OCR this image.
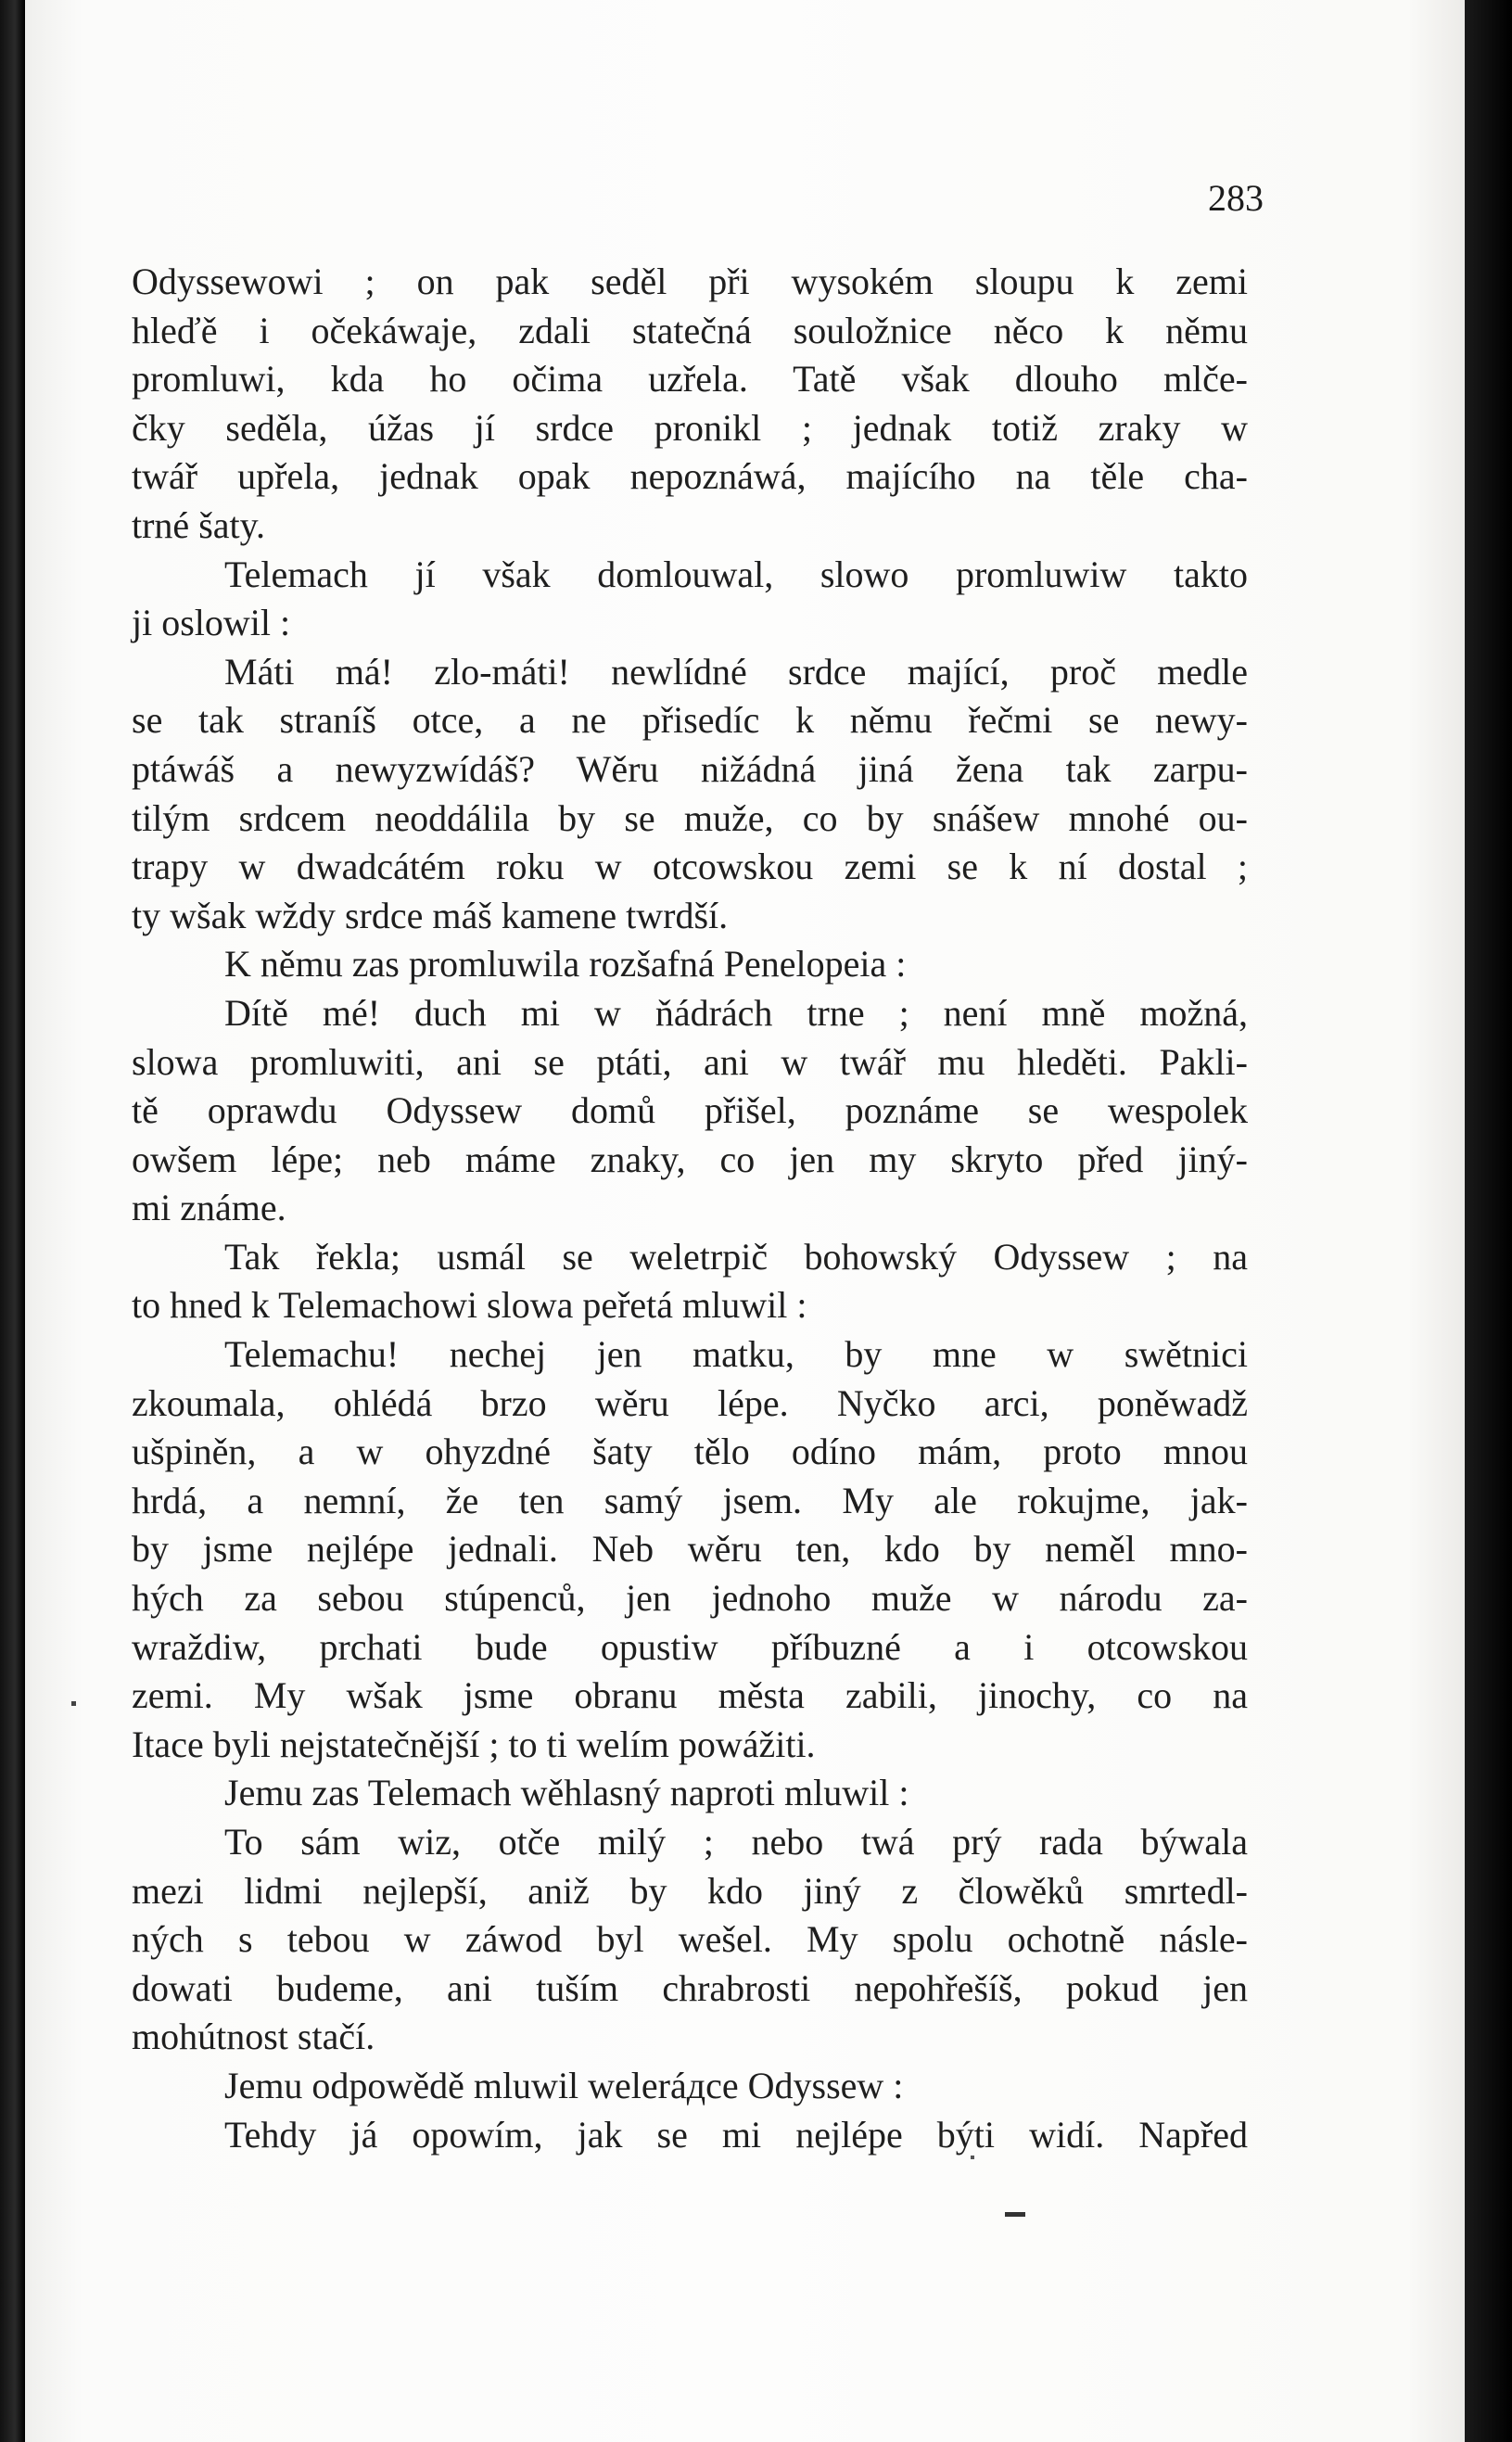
283
Odyssewowi ; on pak seděl při wysokém sloupu k zemi
hleďě i očekáwaje, zdali statečná souložnice něco k němu
promluwi, kda ho očima uzřela. Tatě však dlouho mlče-
čky seděla, úžas jí srdce pronikl ; jednak totiž zraky w
twář upřela, jednak opak nepoznáwá, majícího na těle cha-
trné šaty.
Telemach jí však domlouwal, slowo promluwiw takto
ji oslowil :
Máti má! zlo-máti! newlídné srdce mající, proč medle
se tak straníš otce, a ne přisedíc k němu řečmi se newy-
ptáwáš a newyzwídáš? Wěru nižádná jiná žena tak zarpu-
tilým srdcem neoddálila by se muže, co by snášew mnohé ou-
trapy w dwadcátém roku w otcowskou zemi se k ní dostal ;
ty wšak wždy srdce máš kamene twrdší.
K němu zas promluwila rozšafná Penelopeia :
Dítě mé! duch mi w ňádrách trne ; není mně možná,
slowa promluwiti, ani se ptáti, ani w twář mu hleděti. Pakli-
tě oprawdu Odyssew domů přišel, poznáme se wespolek
owšem lépe; neb máme znaky, co jen my skryto před jiný-
mi známe.
Tak řekla; usmál se weletrpič bohowský Odyssew ; na
to hned k Telemachowi slowa peřetá mluwil :
Telemachu! nechej jen matku, by mne w swětnici
zkoumala, ohlédá brzo wěru lépe. Nyčko arci, poněwadž
ušpiněn, a w ohyzdné šaty tělo odíno mám, proto mnou
hrdá, a nemní, že ten samý jsem. My ale rokujme, jak-
by jsme nejlépe jednali. Neb wěru ten, kdo by neměl mno-
hých za sebou stúpenců, jen jednoho muže w národu za-
wraždiw, prchati bude opustiw příbuzné a i otcowskou
zemi. My wšak jsme obranu města zabili, jinochy, co na
Itace byli nejstatečnější ; to ti welím powážiti.
Jemu zas Telemach wěhlasný naproti mluwil :
To sám wiz, otče milý ; nebo twá prý rada býwala
mezi lidmi nejlepší, aniž by kdo jiný z člowěků smrtedl-
ných s tebou w záwod byl wešel. My spolu ochotně násle-
dowati budeme, ani tuším chrabrosti nepohřešíš, pokud jen
mohútnost stačí.
Jemu odpowědě mluwil weleráдce Odyssew :
Tehdy já opowím, jak se mi nejlépe býti widí. Napřed
